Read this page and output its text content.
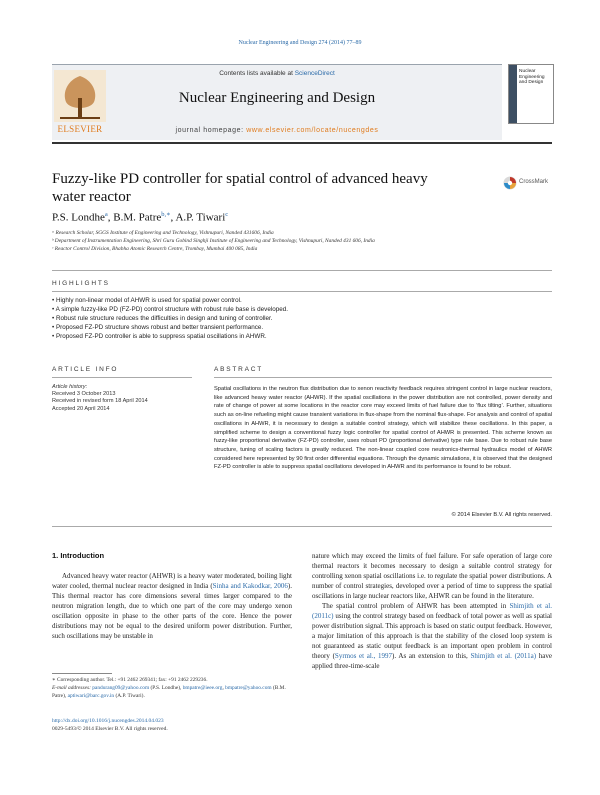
Nuclear Engineering and Design 274 (2014) 77–89
ELSEVIER
Contents lists available at ScienceDirect
Nuclear Engineering and Design
journal homepage: www.elsevier.com/locate/nucengdes
Nuclear Engineering and Design
Fuzzy-like PD controller for spatial control of advanced heavy water reactor
CrossMark
P.S. Londhe$^a$, B.M. Patre$^{b,∗}$, A.P. Tiwari$^c$
ᵃ Research Scholar, SGGS Institute of Engineering and Technology, Vishnupuri, Nanded 431606, India
ᵇ Department of Instrumentation Engineering, Shri Guru Gobind Singhji Institute of Engineering and Technology, Vishnupuri, Nanded 431 606, India
ᶜ Reactor Control Division, Bhabha Atomic Research Centre, Trombay, Mumbai 400 085, India
HIGHLIGHTS
• Highly non-linear model of AHWR is used for spatial power control.
• A simple fuzzy-like PD (FZ-PD) control structure with robust rule base is developed.
• Robust rule structure reduces the difficulties in design and tuning of controller.
• Proposed FZ-PD structure shows robust and better transient performance.
• Proposed FZ-PD controller is able to suppress spatial oscillations in AHWR.
ARTICLE INFO	ABSTRACT
Article history:
Received 3 October 2013
Received in revised form 18 April 2014
Accepted 20 April 2014
Spatial oscillations in the neutron flux distribution due to xenon reactivity feedback requires stringent control in large nuclear reactors, like advanced heavy water reactor (AHWR). If the spatial oscillations in the power distribution are not controlled, power density and rate of change of power at some locations in the reactor core may exceed limits of fuel failure due to ‘flux tilting’. Further, situations such as on-line refueling might cause transient variations in flux-shape from the nominal flux-shape. For analysis and control of spatial oscillations in AHWR, it is necessary to design a suitable control strategy, which will stabilize these oscillations. In this paper, a simplified scheme to design a conventional fuzzy logic controller for spatial control of AHWR is presented. This scheme known as fuzzy-like proportional derivative (FZ-PD) controller, uses robust PD (proportional derivative) type rule base. Due to robust rule base structure, tuning of scaling factors is greatly reduced. The non-linear coupled core neutronics-thermal hydraulics model of AHWR considered here represented by 90 first order differential equations. Through the dynamic simulations, it is observed that the designed FZ-PD controller is able to suppress spatial oscillations developed in AHWR and its performance is found to be robust.
© 2014 Elsevier B.V. All rights reserved.
1. Introduction

Advanced heavy water reactor (AHWR) is a heavy water moderated, boiling light water cooled, thermal nuclear reactor designed in India (Sinha and Kakodkar, 2006). This thermal reactor has core dimensions several times larger compared to the neutron migration length, due to which one part of the core may undergo xenon oscillation opposite in phase to the other parts of the core. Hence the power distributions may not be equal to the desired uniform power distribution. Further, such oscillations may be unstable in

nature which may exceed the limits of fuel failure. For safe operation of large core thermal reactors it becomes necessary to design a suitable control strategy for controlling xenon spatial oscillations i.e. to regulate the spatial power distributions. A number of control strategies, developed over a period of time to suppress the spatial oscillations in large nuclear reactors like, AHWR can be found in the literature.

The spatial control problem of AHWR has been attempted in Shimjith et al. (2011c) using the control strategy based on feedback of total power as well as spatial power distribution signal. This approach is based on static output feedback. However, a major limitation of this approach is that the stability of the closed loop system is not guaranteed as static output feedback is an important open problem in control theory (Syrmos et al., 1997). As an extension to this, Shimjith et al. (2011a) have applied three-time-scale

∗ Corresponding author. Tel.: +91 2462 269341; fax: +91 2462 229236.
E-mail addresses: pandurang09@yahoo.com (P.S. Londhe), bmpatre@ieee.org, bmpatre@yahoo.com (B.M. Patre), aptiwari@barc.gov.in (A.P. Tiwari).
http://dx.doi.org/10.1016/j.nucengdes.2014.04.023
0029-5493/© 2014 Elsevier B.V. All rights reserved.
